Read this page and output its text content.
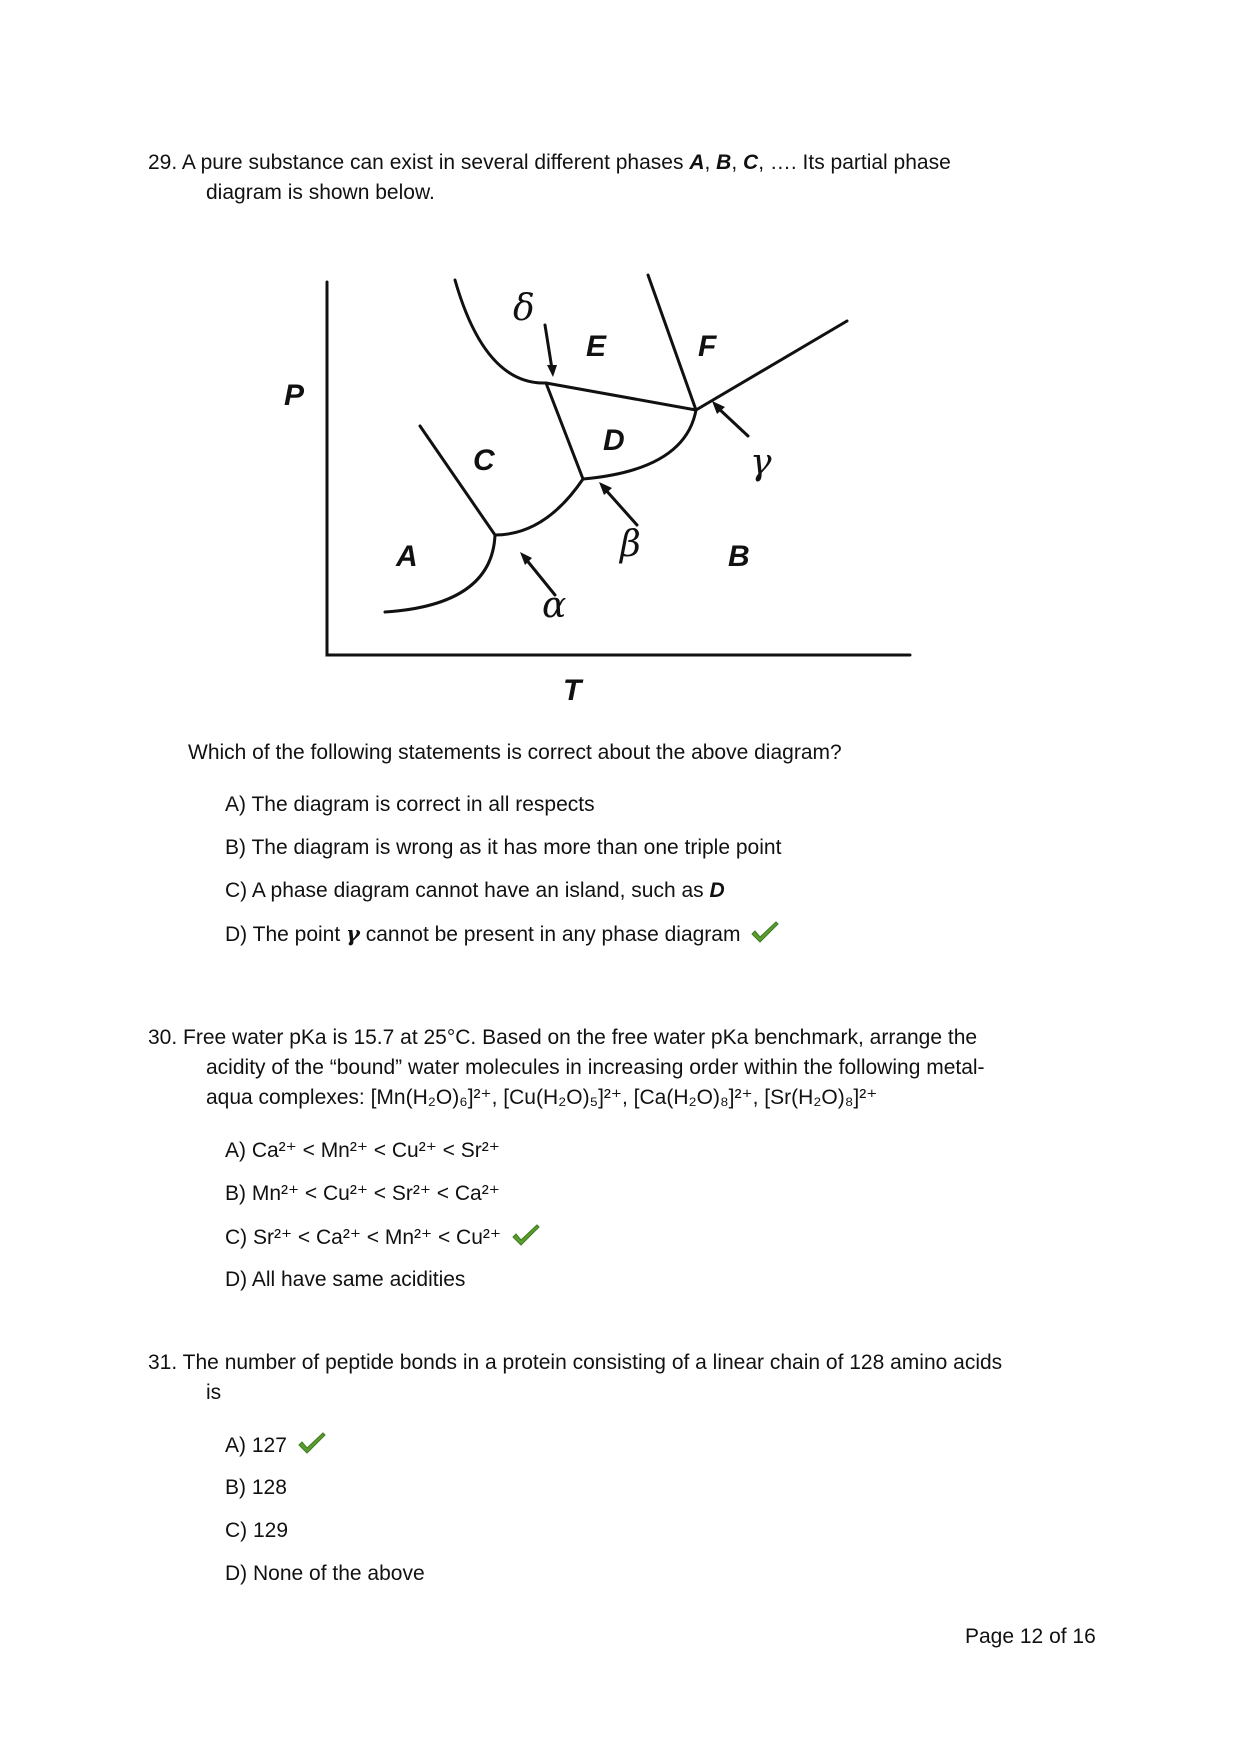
29. A pure substance can exist in several different phases A, B, C, …. Its partial phase
diagram is shown below.
P
T
A	B
C
D
E	F
α
β
γ
δ
Which of the following statements is correct about the above diagram?
A) The diagram is correct in all respects
B) The diagram is wrong as it has more than one triple point
C) A phase diagram cannot have an island, such as D
D) The point γ cannot be present in any phase diagram
30. Free water pKa is 15.7 at 25°C. Based on the free water pKa benchmark, arrange the
acidity of the “bound” water molecules in increasing order within the following metal-
aqua complexes: [Mn(H₂O)₆]²⁺, [Cu(H₂O)₅]²⁺, [Ca(H₂O)₈]²⁺, [Sr(H₂O)₈]²⁺
A) Ca²⁺ < Mn²⁺ < Cu²⁺ < Sr²⁺
B) Mn²⁺ < Cu²⁺ < Sr²⁺ < Ca²⁺
C) Sr²⁺ < Ca²⁺ < Mn²⁺ < Cu²⁺
D) All have same acidities
31. The number of peptide bonds in a protein consisting of a linear chain of 128 amino acids
is
A) 127
B) 128
C) 129
D) None of the above
Page 12 of 16
